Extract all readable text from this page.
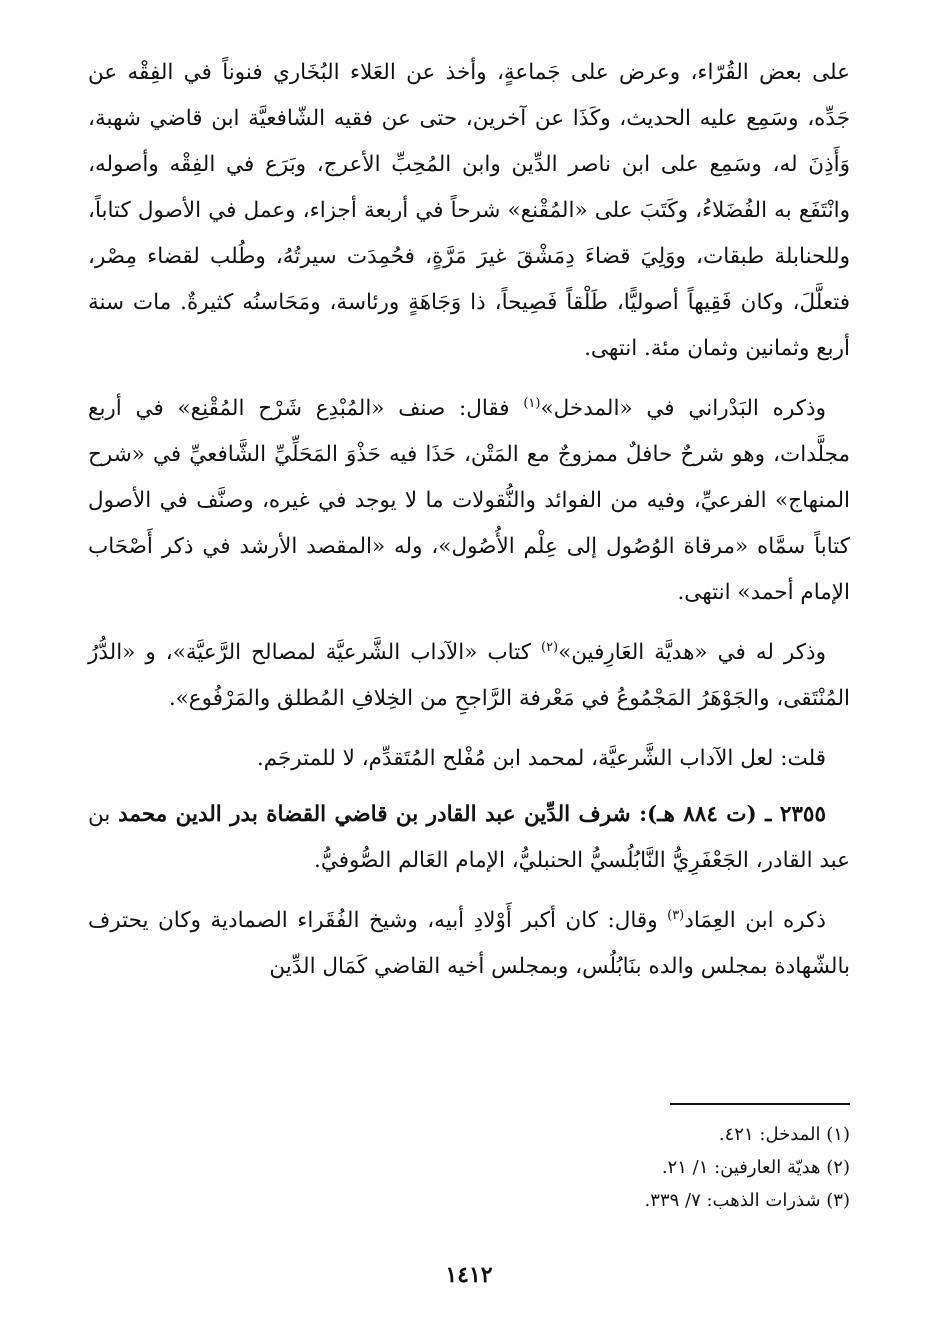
على بعض القُرّاء، وعرض على جَماعةٍ، وأخذ عن العَلاء البُخَاري فنوناً في الفِقْه عن جَدِّه، وسَمِع عليه الحديث، وكَذَا عن آخرين، حتى عن فقيه الشّافعيَّة ابن قاضي شهبة، وَأَذِنَ له، وسَمِع على ابن ناصر الدِّين وابن المُحِبِّ الأعرج، وبَرَع في الفِقْه وأصوله، وانْتَفَع به الفُضَلاءُ، وكَتَبَ على «المُقْنع» شرحاً في أربعة أجزاء، وعمل في الأصول كتاباً، وللحنابلة طبقات، ووَلِيَ قضاءَ دِمَشْقَ غيرَ مَرَّةٍ، فحُمِدَت سيرتُهُ، وطُلب لقضاء مِصْر، فتعلَّلَ، وكان فَقِيهاً أصوليًّا، طَلْقاً فَصِيحاً، ذا وَجَاهَةٍ ورئاسة، ومَحَاسنُه كثيرةٌ. مات سنة أربع وثمانين وثمان مئة. انتهى.

وذكره البَدْراني في «المدخل»$^{(١)}$ فقال: صنف «المُبْدِع شَرْح المُقْنِع» في أربع مجلَّدات، وهو شرحٌ حافلٌ ممزوجٌ مع المَتْن، حَذَا فيه حَذْوَ المَحَلِّيِّ الشَّافعيِّ في «شرح المنهاج» الفرعيِّ، وفيه من الفوائد والنُّقولات ما لا يوجد في غيره، وصنَّف في الأصول كتاباً سمَّاه «مرقاة الوُصُول إلى عِلْم الأُصُول»، وله «المقصد الأرشد في ذكر أَصْحَاب الإمام أحمد» انتهى.

وذكر له في «هديَّة العَارِفين»$^{(٢)}$ كتاب «الآداب الشَّرعيَّة لمصالح الرَّعيَّة»، و «الدُّرُ المُنْتَقى، والجَوْهَرُ المَجْمُوعُ في مَعْرفة الرَّاجحِ من الخِلافِ المُطلق والمَرْفُوع».

قلت: لعل الآداب الشَّرعيَّة، لمحمد ابن مُفْلح المُتَقدِّم، لا للمترجَم.

٢٣٥٥ ـ (ت ٨٨٤ هـ): شرف الدِّين عبد القادر بن قاضي القضاة بدر الدين محمد بن عبد القادر، الجَعْفَرِيُّ النَّابُلُسيُّ الحنبليُّ، الإمام العَالم الصُّوفيُّ.

ذكره ابن العِمَاد$^{(٣)}$ وقال: كان أكبر أَوْلادِ أبيه، وشيخ الفُقَراء الصمادية وكان يحترف بالشّهادة بمجلس والده بنَابُلُس، وبمجلس أخيه القاضي كَمَال الدِّين

(١) المدخل: ٤٢١.
(٢) هديّة العارفين: ١/ ٢١.
(٣) شذرات الذهب: ٧/ ٣٣٩.
١٤١٢
